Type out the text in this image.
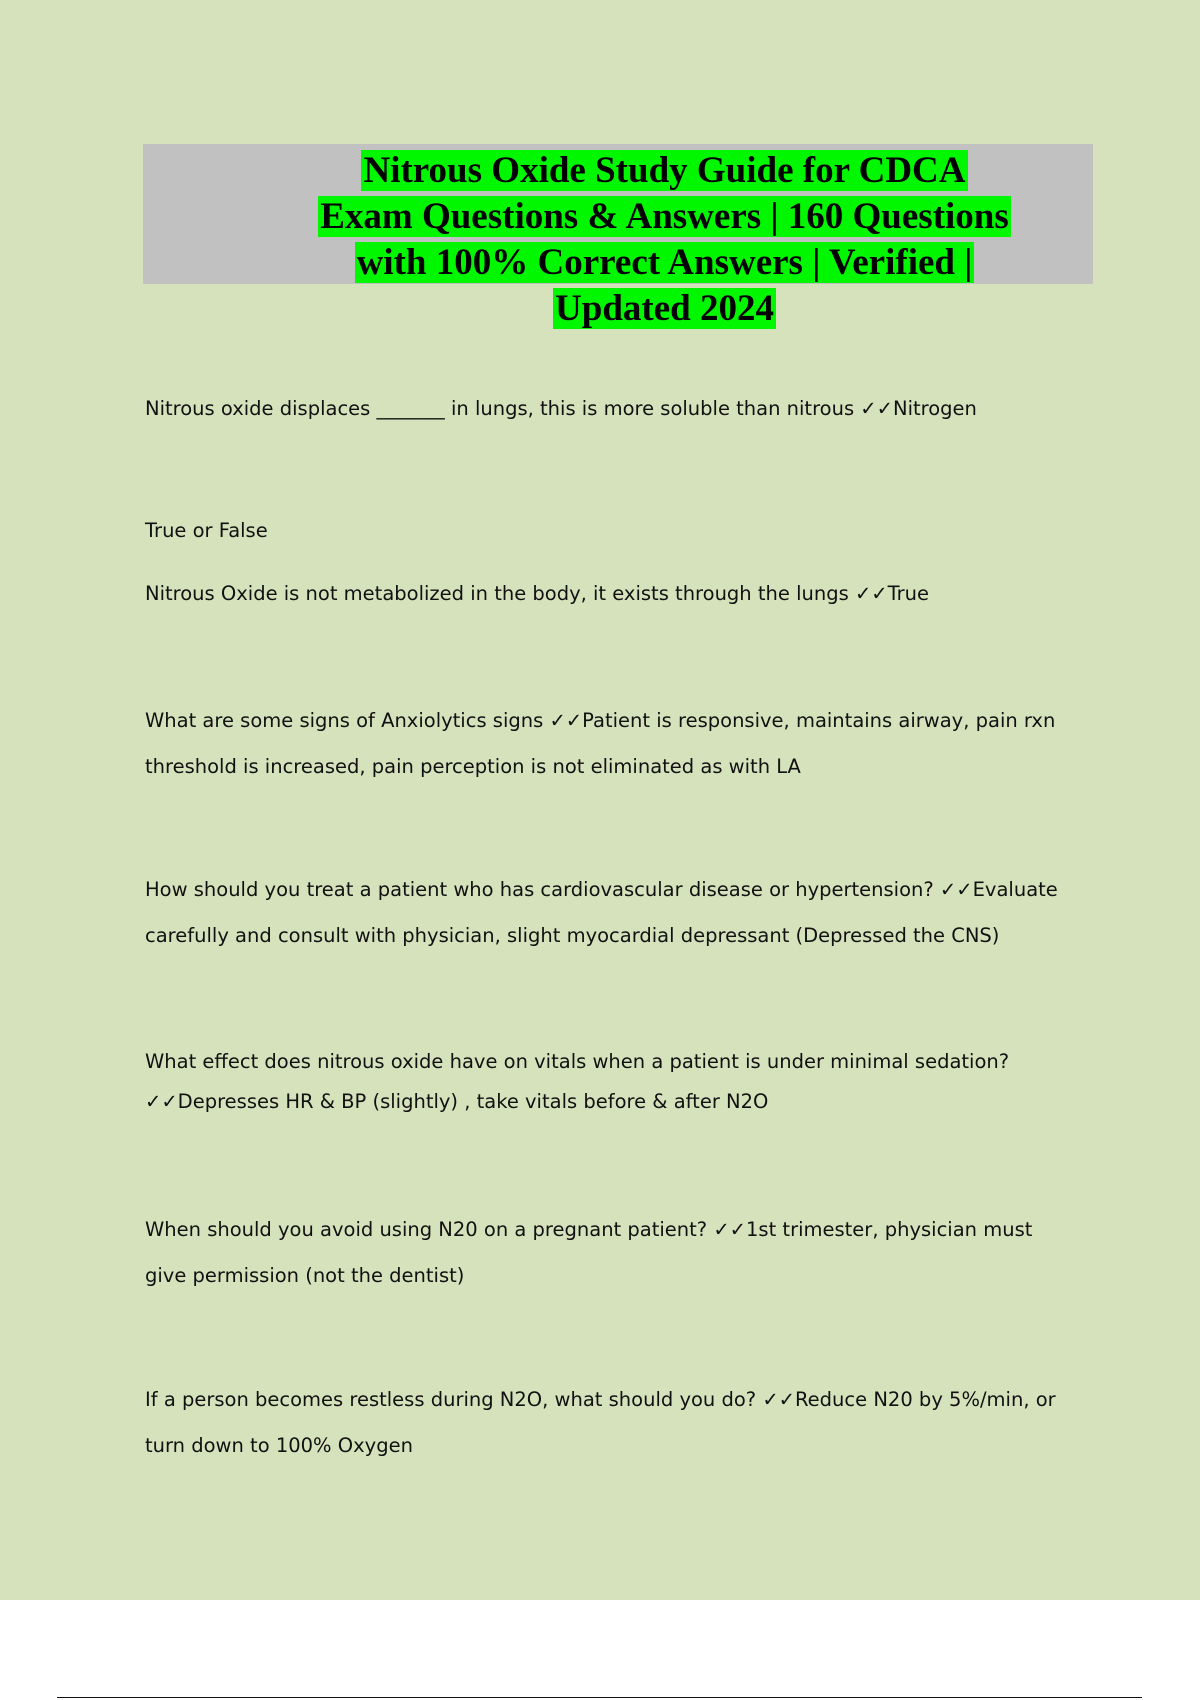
Nitrous Oxide Study Guide for CDCA
Exam Questions & Answers | 160 Questions
with 100% Correct Answers | Verified |
Updated 2024

Nitrous oxide displaces _______ in lungs, this is more soluble than nitrous ✓✓Nitrogen

True or False

Nitrous Oxide is not metabolized in the body, it exists through the lungs ✓✓True

What are some signs of Anxiolytics signs ✓✓Patient is responsive, maintains airway, pain rxn threshold is increased, pain perception is not eliminated as with LA

How should you treat a patient who has cardiovascular disease or hypertension? ✓✓Evaluate carefully and consult with physician, slight myocardial depressant (Depressed the CNS)

What effect does nitrous oxide have on vitals when a patient is under minimal sedation? ✓✓Depresses HR & BP (slightly) , take vitals before & after N2O

When should you avoid using N20 on a pregnant patient? ✓✓1st trimester, physician must give permission (not the dentist)

If a person becomes restless during N2O, what should you do? ✓✓Reduce N20 by 5%/min, or turn down to 100% Oxygen
